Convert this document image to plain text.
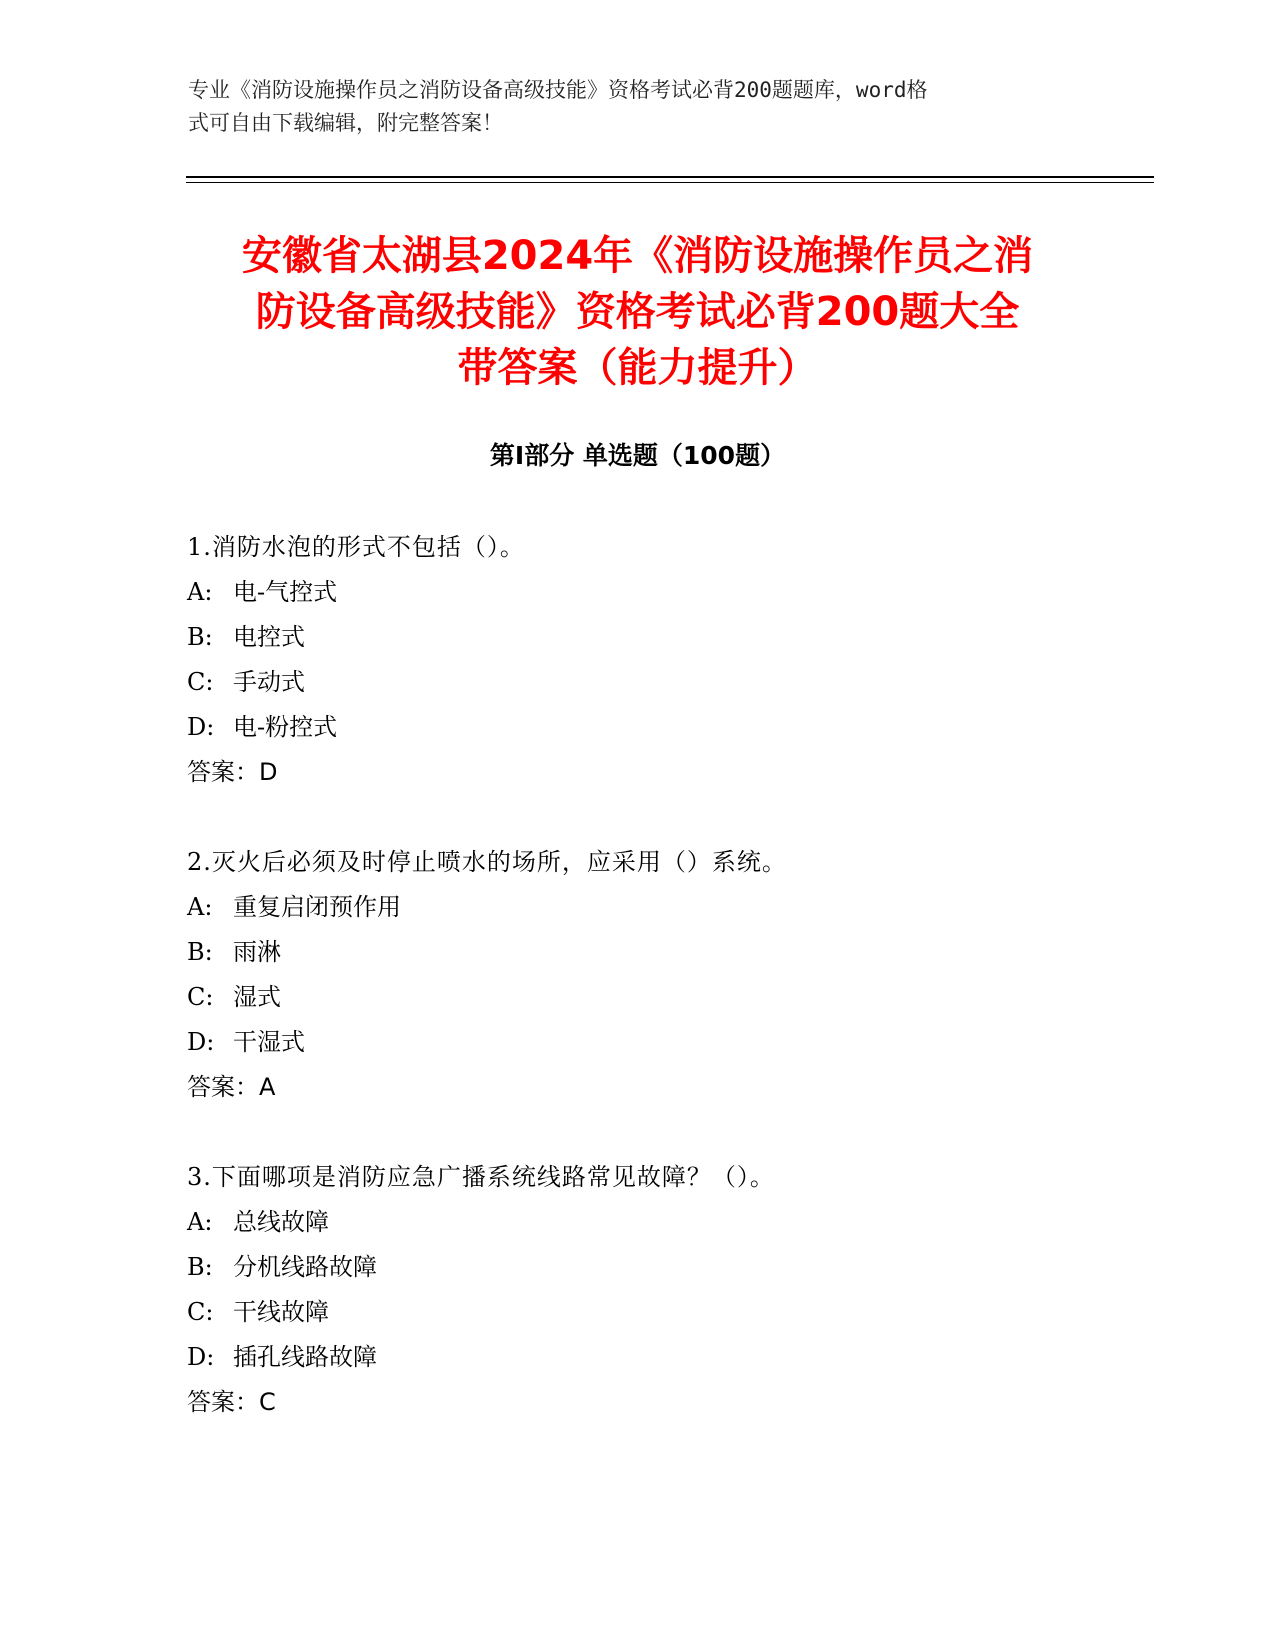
专业《消防设施操作员之消防设备高级技能》资格考试必背200题题库，word格
式可自由下载编辑，附完整答案！
安徽省太湖县2024年《消防设施操作员之消
防设备高级技能》资格考试必背200题大全
带答案（能力提升）
第Ⅰ部分 单选题（100题）
1.消防水泡的形式不包括（）。
A: 电-气控式
B: 电控式
C: 手动式
D: 电-粉控式
答案：D
2.灭火后必须及时停止喷水的场所，应采用（）系统。
A: 重复启闭预作用
B: 雨淋
C: 湿式
D: 干湿式
答案：A
3.下面哪项是消防应急广播系统线路常见故障？（）。
A: 总线故障
B: 分机线路故障
C: 干线故障
D: 插孔线路故障
答案：C
